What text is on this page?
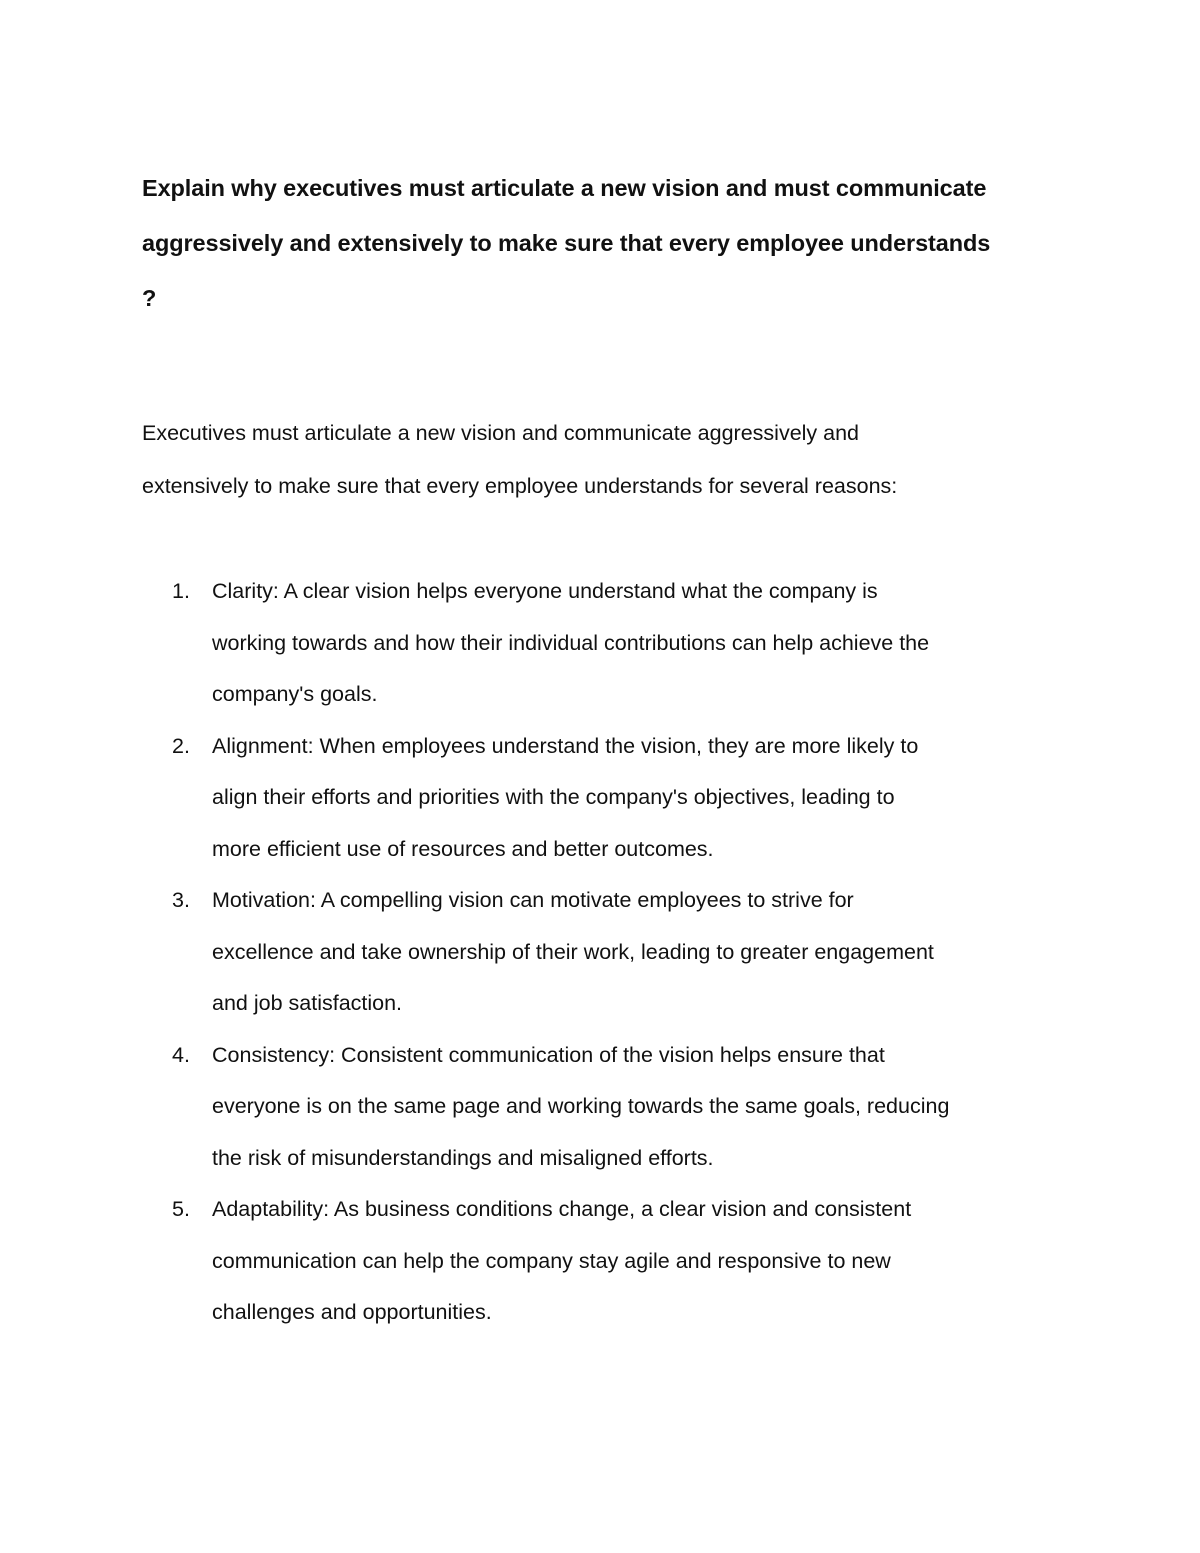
Explain why executives must articulate a new vision and must communicate
aggressively and extensively to make sure that every employee understands
?

Executives must articulate a new vision and communicate aggressively and
extensively to make sure that every employee understands for several reasons:

1.	Clarity: A clear vision helps everyone understand what the company is
working towards and how their individual contributions can help achieve the
company's goals.
2.	Alignment: When employees understand the vision, they are more likely to
align their efforts and priorities with the company's objectives, leading to
more efficient use of resources and better outcomes.
3.	Motivation: A compelling vision can motivate employees to strive for
excellence and take ownership of their work, leading to greater engagement
and job satisfaction.
4.	Consistency: Consistent communication of the vision helps ensure that
everyone is on the same page and working towards the same goals, reducing
the risk of misunderstandings and misaligned efforts.
5.	Adaptability: As business conditions change, a clear vision and consistent
communication can help the company stay agile and responsive to new
challenges and opportunities.
